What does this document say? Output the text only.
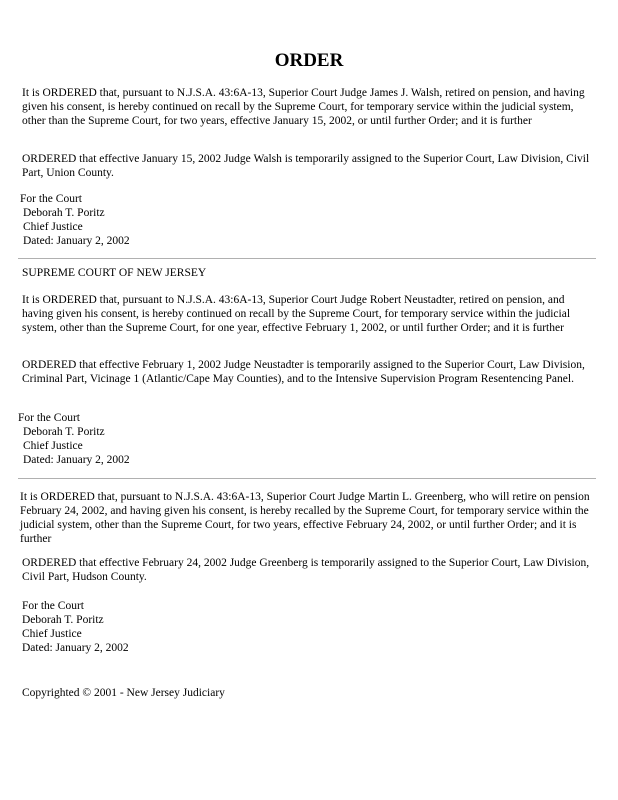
ORDER

It is ORDERED that, pursuant to N.J.S.A. 43:6A-13, Superior Court Judge James J. Walsh, retired on pension, and having given his consent, is hereby continued on recall by the Supreme Court, for temporary service within the judicial system, other than the Supreme Court, for two years, effective January 15, 2002, or until further Order; and it is further

ORDERED that effective January 15, 2002 Judge Walsh is temporarily assigned to the Superior Court, Law Division, Civil Part, Union County.

For the Court
Deborah T. Poritz
Chief Justice
Dated: January 2, 2002
SUPREME COURT OF NEW JERSEY

It is ORDERED that, pursuant to N.J.S.A. 43:6A-13, Superior Court Judge Robert Neustadter, retired on pension, and having given his consent, is hereby continued on recall by the Supreme Court, for temporary service within the judicial system, other than the Supreme Court, for one year, effective February 1, 2002, or until further Order; and it is further

ORDERED that effective February 1, 2002 Judge Neustadter is temporarily assigned to the Superior Court, Law Division, Criminal Part, Vicinage 1 (Atlantic/Cape May Counties), and to the Intensive Supervision Program Resentencing Panel.

For the Court
Deborah T. Poritz
Chief Justice
Dated: January 2, 2002

It is ORDERED that, pursuant to N.J.S.A. 43:6A-13, Superior Court Judge Martin L. Greenberg, who will retire on pension February 24, 2002, and having given his consent, is hereby recalled by the Supreme Court, for temporary service within the judicial system, other than the Supreme Court, for two years, effective February 24, 2002, or until further Order; and it is further

ORDERED that effective February 24, 2002 Judge Greenberg is temporarily assigned to the Superior Court, Law Division, Civil Part, Hudson County.

For the Court
Deborah T. Poritz
Chief Justice
Dated: January 2, 2002
Copyrighted © 2001 - New Jersey Judiciary
